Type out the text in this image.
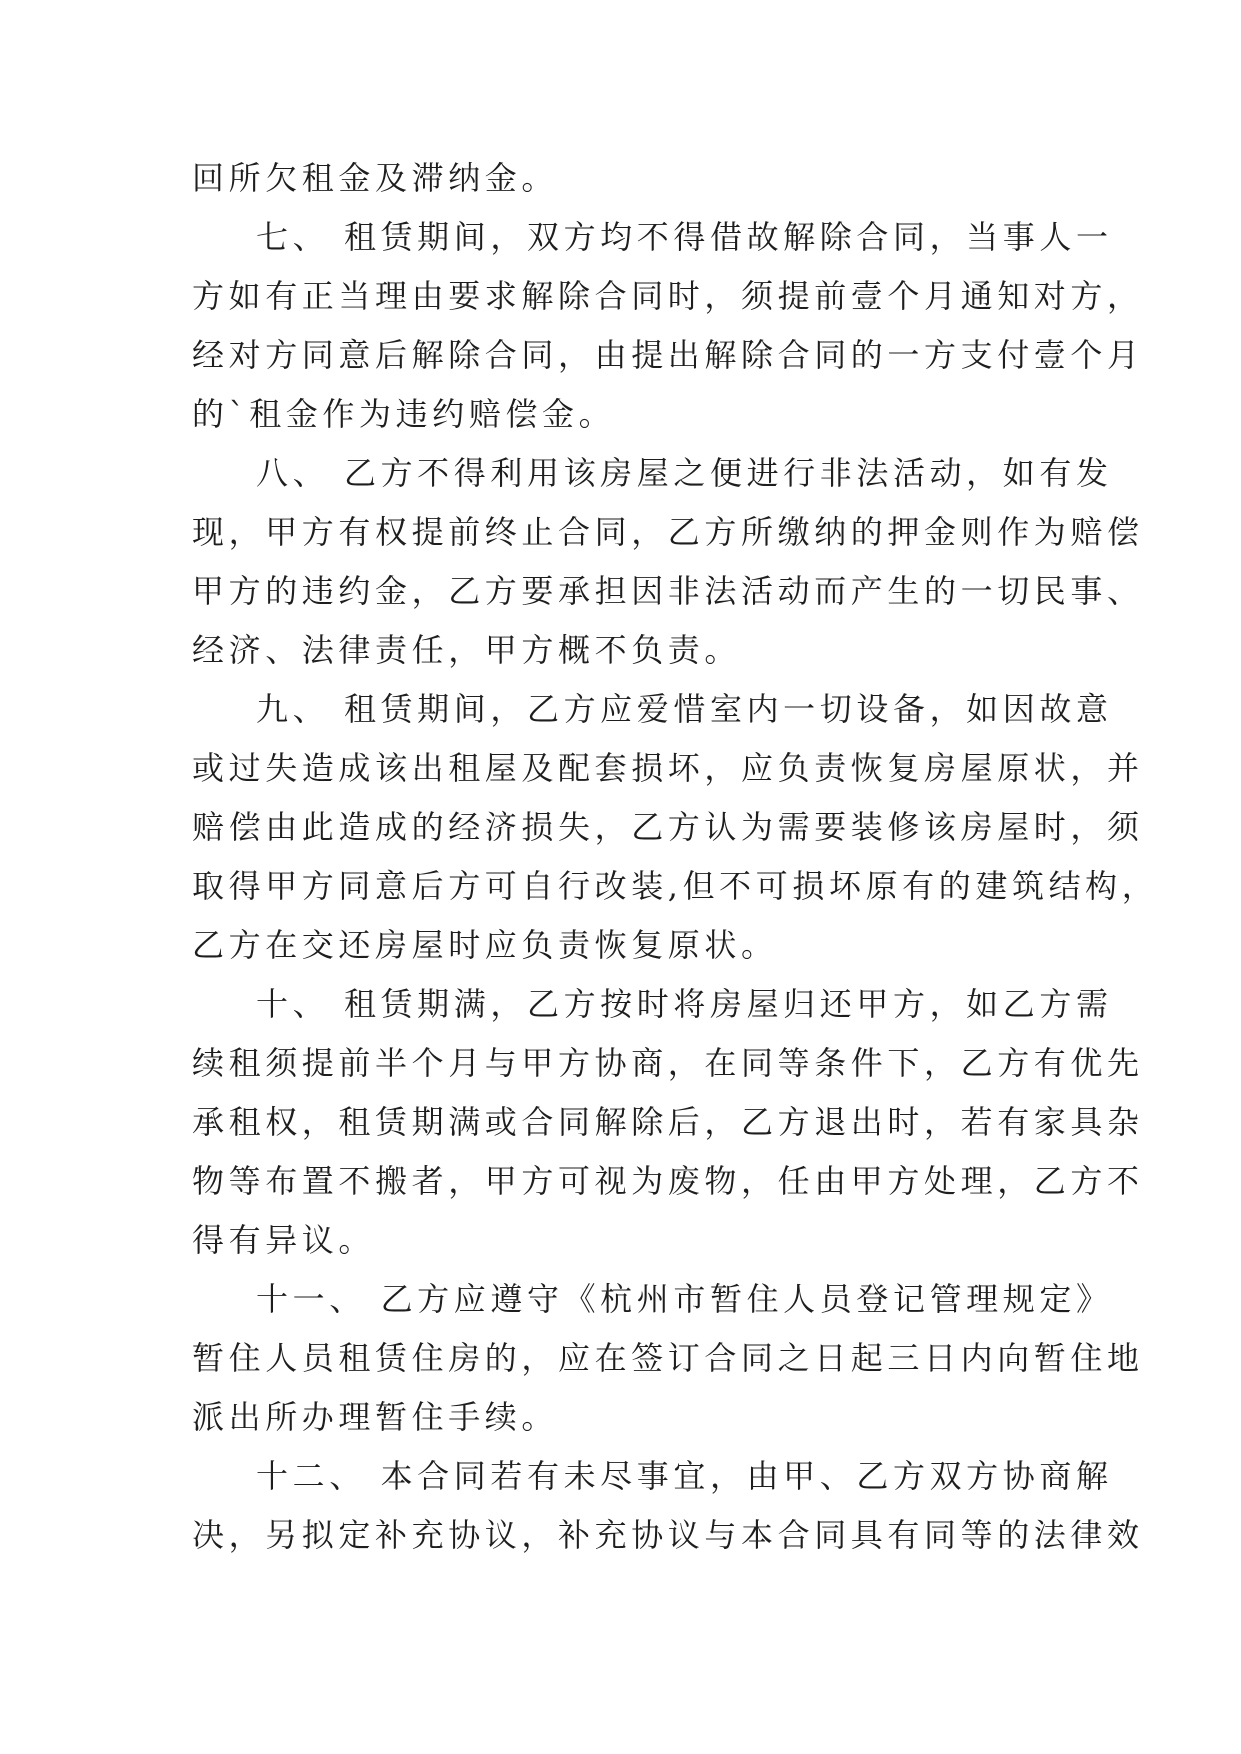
回所欠租金及滞纳金。
七、 租赁期间，双方均不得借故解除合同，当事人一
方如有正当理由要求解除合同时，须提前壹个月通知对方，
经对方同意后解除合同，由提出解除合同的一方支付壹个月
的`租金作为违约赔偿金。
八、 乙方不得利用该房屋之便进行非法活动，如有发
现，甲方有权提前终止合同，乙方所缴纳的押金则作为赔偿
甲方的违约金，乙方要承担因非法活动而产生的一切民事、
经济、法律责任，甲方概不负责。
九、 租赁期间，乙方应爱惜室内一切设备，如因故意
或过失造成该出租屋及配套损坏，应负责恢复房屋原状，并
赔偿由此造成的经济损失，乙方认为需要装修该房屋时，须
取得甲方同意后方可自行改装,但不可损坏原有的建筑结构，
乙方在交还房屋时应负责恢复原状。
十、 租赁期满，乙方按时将房屋归还甲方，如乙方需
续租须提前半个月与甲方协商，在同等条件下，乙方有优先
承租权，租赁期满或合同解除后，乙方退出时，若有家具杂
物等布置不搬者，甲方可视为废物，任由甲方处理，乙方不
得有异议。
十一、 乙方应遵守《杭州市暂住人员登记管理规定》
暂住人员租赁住房的，应在签订合同之日起三日内向暂住地
派出所办理暂住手续。
十二、 本合同若有未尽事宜，由甲、乙方双方协商解
决，另拟定补充协议，补充协议与本合同具有同等的法律效
